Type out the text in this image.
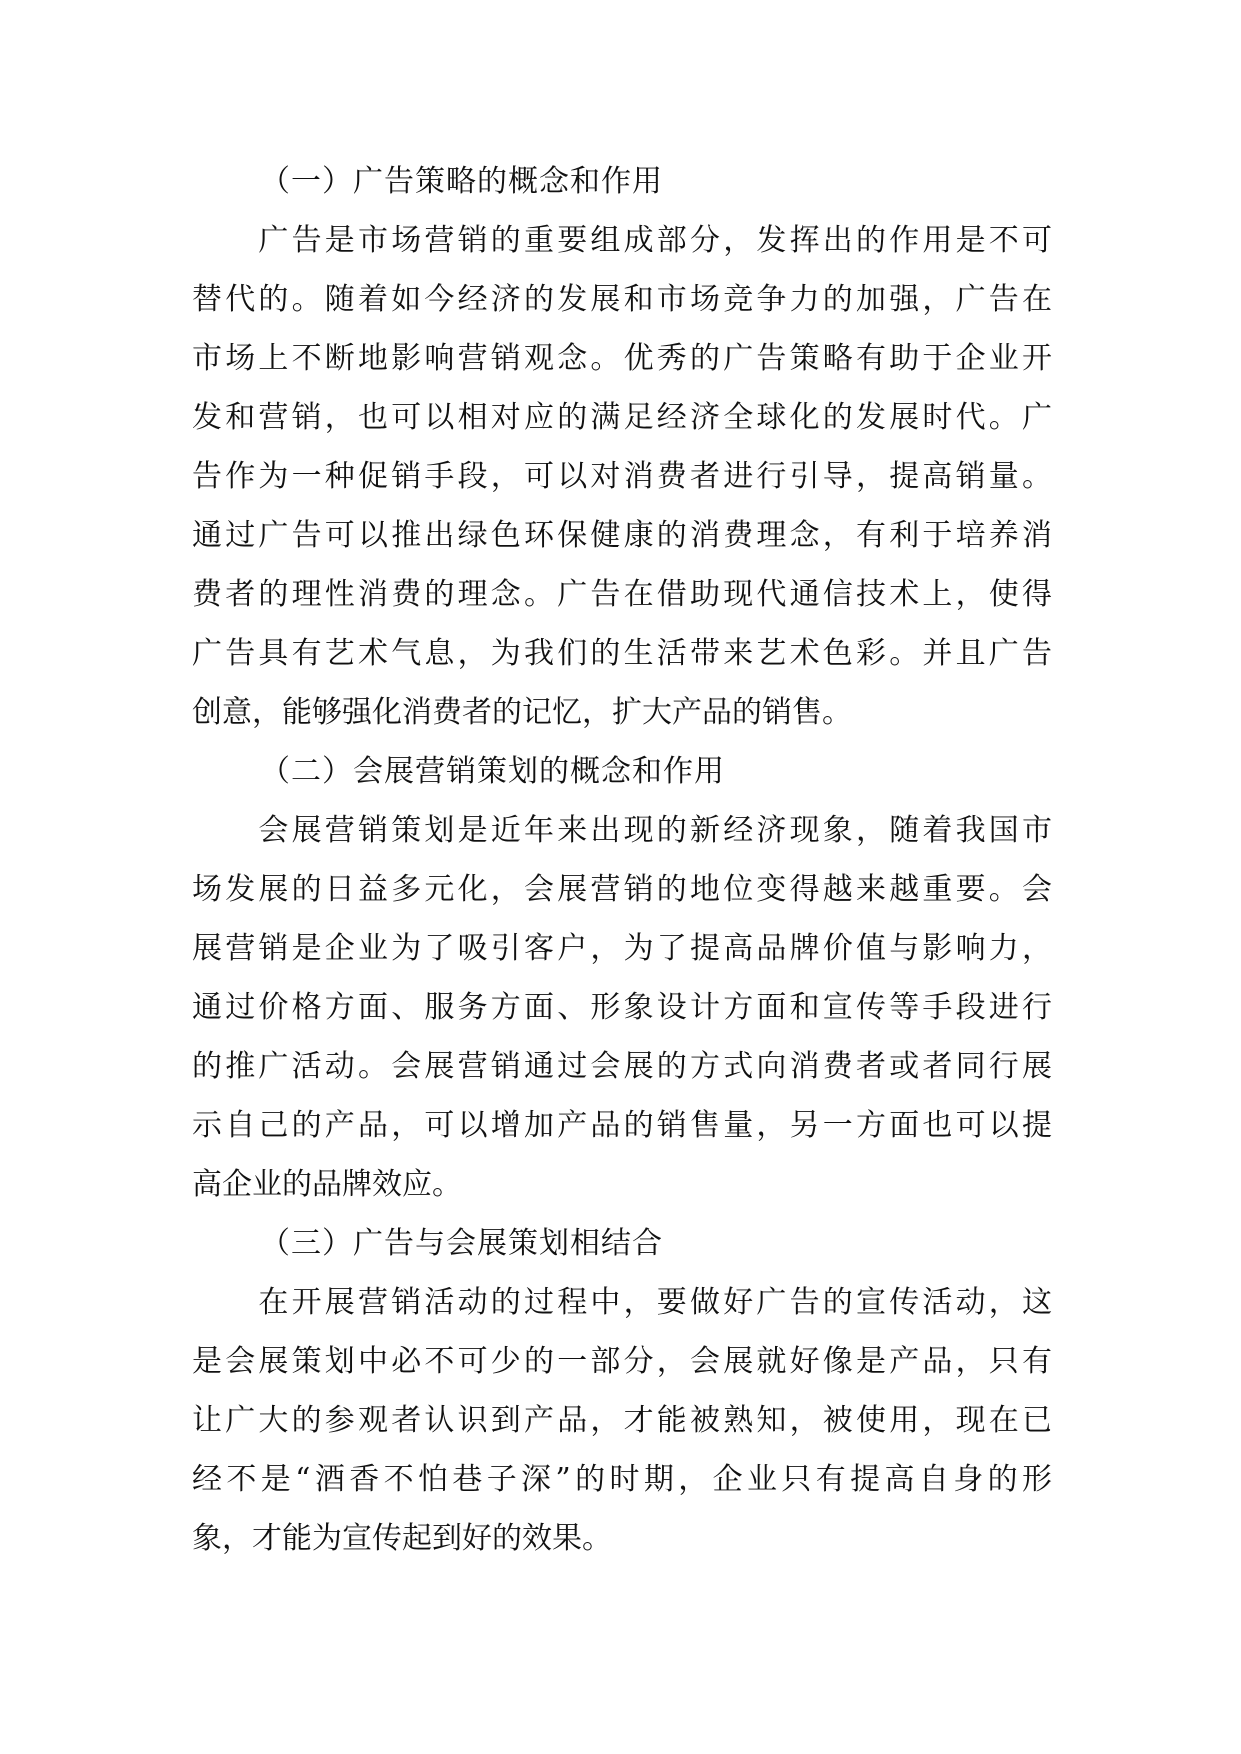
（一）广告策略的概念和作用
　　广告是市场营销的重要组成部分，发挥出的作用是不可
替代的。随着如今经济的发展和市场竞争力的加强，广告在
市场上不断地影响营销观念。优秀的广告策略有助于企业开
发和营销，也可以相对应的满足经济全球化的发展时代。广
告作为一种促销手段，可以对消费者进行引导，提高销量。
通过广告可以推出绿色环保健康的消费理念，有利于培养消
费者的理性消费的理念。广告在借助现代通信技术上，使得
广告具有艺术气息，为我们的生活带来艺术色彩。并且广告
创意，能够强化消费者的记忆，扩大产品的销售。
（二）会展营销策划的概念和作用
　　会展营销策划是近年来出现的新经济现象，随着我国市
场发展的日益多元化，会展营销的地位变得越来越重要。会
展营销是企业为了吸引客户，为了提高品牌价值与影响力，
通过价格方面、服务方面、形象设计方面和宣传等手段进行
的推广活动。会展营销通过会展的方式向消费者或者同行展
示自己的产品，可以增加产品的销售量，另一方面也可以提
高企业的品牌效应。
（三）广告与会展策划相结合
　　在开展营销活动的过程中，要做好广告的宣传活动，这
是会展策划中必不可少的一部分，会展就好像是产品，只有
让广大的参观者认识到产品，才能被熟知，被使用，现在已
经不是“酒香不怕巷子深”的时期，企业只有提高自身的形
象，才能为宣传起到好的效果。
